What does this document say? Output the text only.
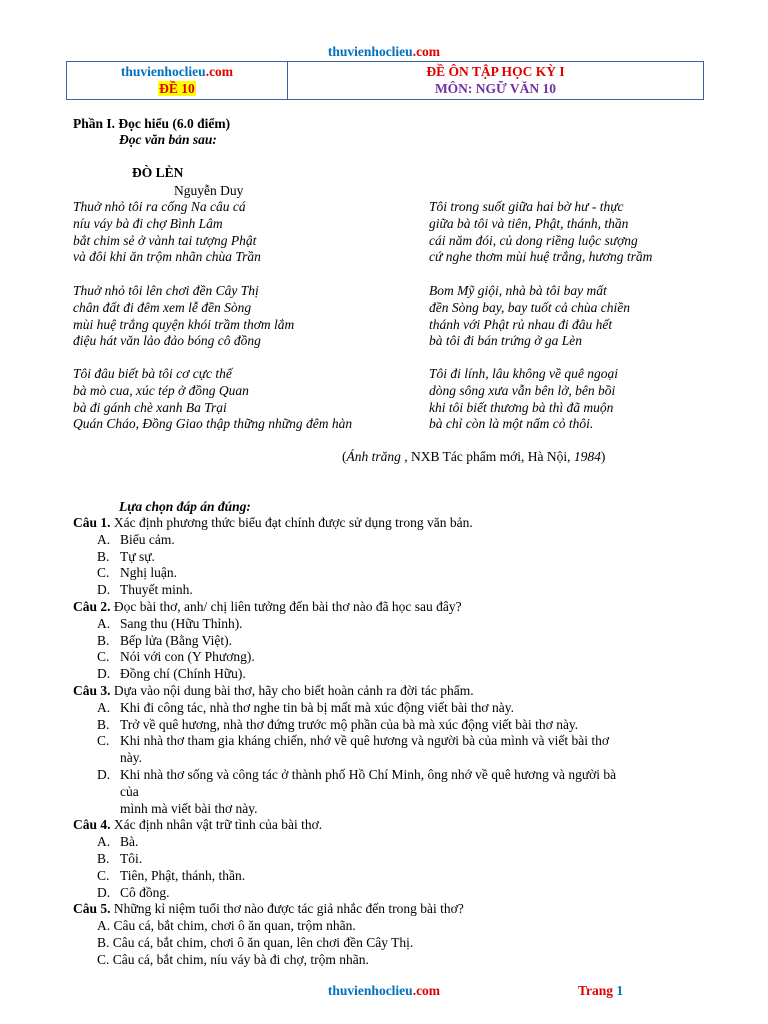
thuvienhoclieu.com
thuvienhoclieu.com
ĐỀ 10
ĐỀ ÔN TẬP HỌC KỲ I
MÔN: NGỮ VĂN 10
Phần I. Đọc hiểu (6.0 điểm)
Đọc văn bản sau:
ĐÒ LÈN
Nguyễn Duy
Thuở nhỏ tôi ra cống Na câu cá
níu váy bà đi chợ Bình Lâm
bắt chim sẻ ở vành tai tượng Phật
và đôi khi ăn trộm nhãn chùa Trần
Thuở nhỏ tôi lên chơi đền Cây Thị
chân đất đi đêm xem lễ đền Sòng
mùi huệ trắng quyện khói trầm thơm lắm
điệu hát văn lảo đảo bóng cô đồng
Tôi đâu biết bà tôi cơ cực thế
bà mò cua, xúc tép ở đồng Quan
bà đi gánh chè xanh Ba Trại
Quán Cháo, Đồng Giao thập thững những đêm hàn
Tôi trong suốt giữa hai bờ hư - thực
giữa bà tôi và tiên, Phật, thánh, thần
cái năm đói, củ dong riềng luộc sượng
cứ nghe thơm mùi huệ trắng, hương trầm
Bom Mỹ giội, nhà bà tôi bay mất
đền Sòng bay, bay tuốt cả chùa chiền
thánh với Phật rủ nhau đi đâu hết
bà tôi đi bán trứng ở ga Lèn
Tôi đi lính, lâu không về quê ngoại
dòng sông xưa vẫn bên lở, bên bồi
khi tôi biết thương bà thì đã muộn
bà chỉ còn là một nấm cỏ thôi.
(Ánh trăng , NXB Tác phẩm mới, Hà Nội, 1984)
Lựa chọn đáp án đúng:
Câu 1. Xác định phương thức biểu đạt chính được sử dụng trong văn bản.
A. Biểu cảm.
B. Tự sự.
C. Nghị luận.
D. Thuyết minh.
Câu 2. Đọc bài thơ, anh/ chị liên tưởng đến bài thơ nào đã học sau đây?
A. Sang thu (Hữu Thỉnh).
B. Bếp lửa (Bằng Việt).
C. Nói với con (Y Phương).
D. Đồng chí (Chính Hữu).
Câu 3. Dựa vào nội dung bài thơ, hãy cho biết hoàn cảnh ra đời tác phẩm.
A. Khi đi công tác, nhà thơ nghe tin bà bị mất mà xúc động viết bài thơ này.
B. Trở về quê hương, nhà thơ đứng trước mộ phần của bà mà xúc động viết bài thơ này.
C. Khi nhà thơ tham gia kháng chiến, nhớ về quê hương và người bà của mình và viết bài thơ
này.
D. Khi nhà thơ sống và công tác ở thành phố Hồ Chí Minh, ông nhớ về quê hương và người bà
của
mình mà viết bài thơ này.
Câu 4. Xác định nhân vật trữ tình của bài thơ.
A. Bà.
B. Tôi.
C. Tiên, Phật, thánh, thần.
D. Cô đồng.
Câu 5. Những kỉ niệm tuổi thơ nào được tác giả nhắc đến trong bài thơ?
A. Câu cá, bắt chim, chơi ô ăn quan, trộm nhãn.
B. Câu cá, bắt chim, chơi ô ăn quan, lên chơi đền Cây Thị.
C. Câu cá, bắt chim, níu váy bà đi chợ, trộm nhãn.
thuvienhoclieu.com	Trang 1
